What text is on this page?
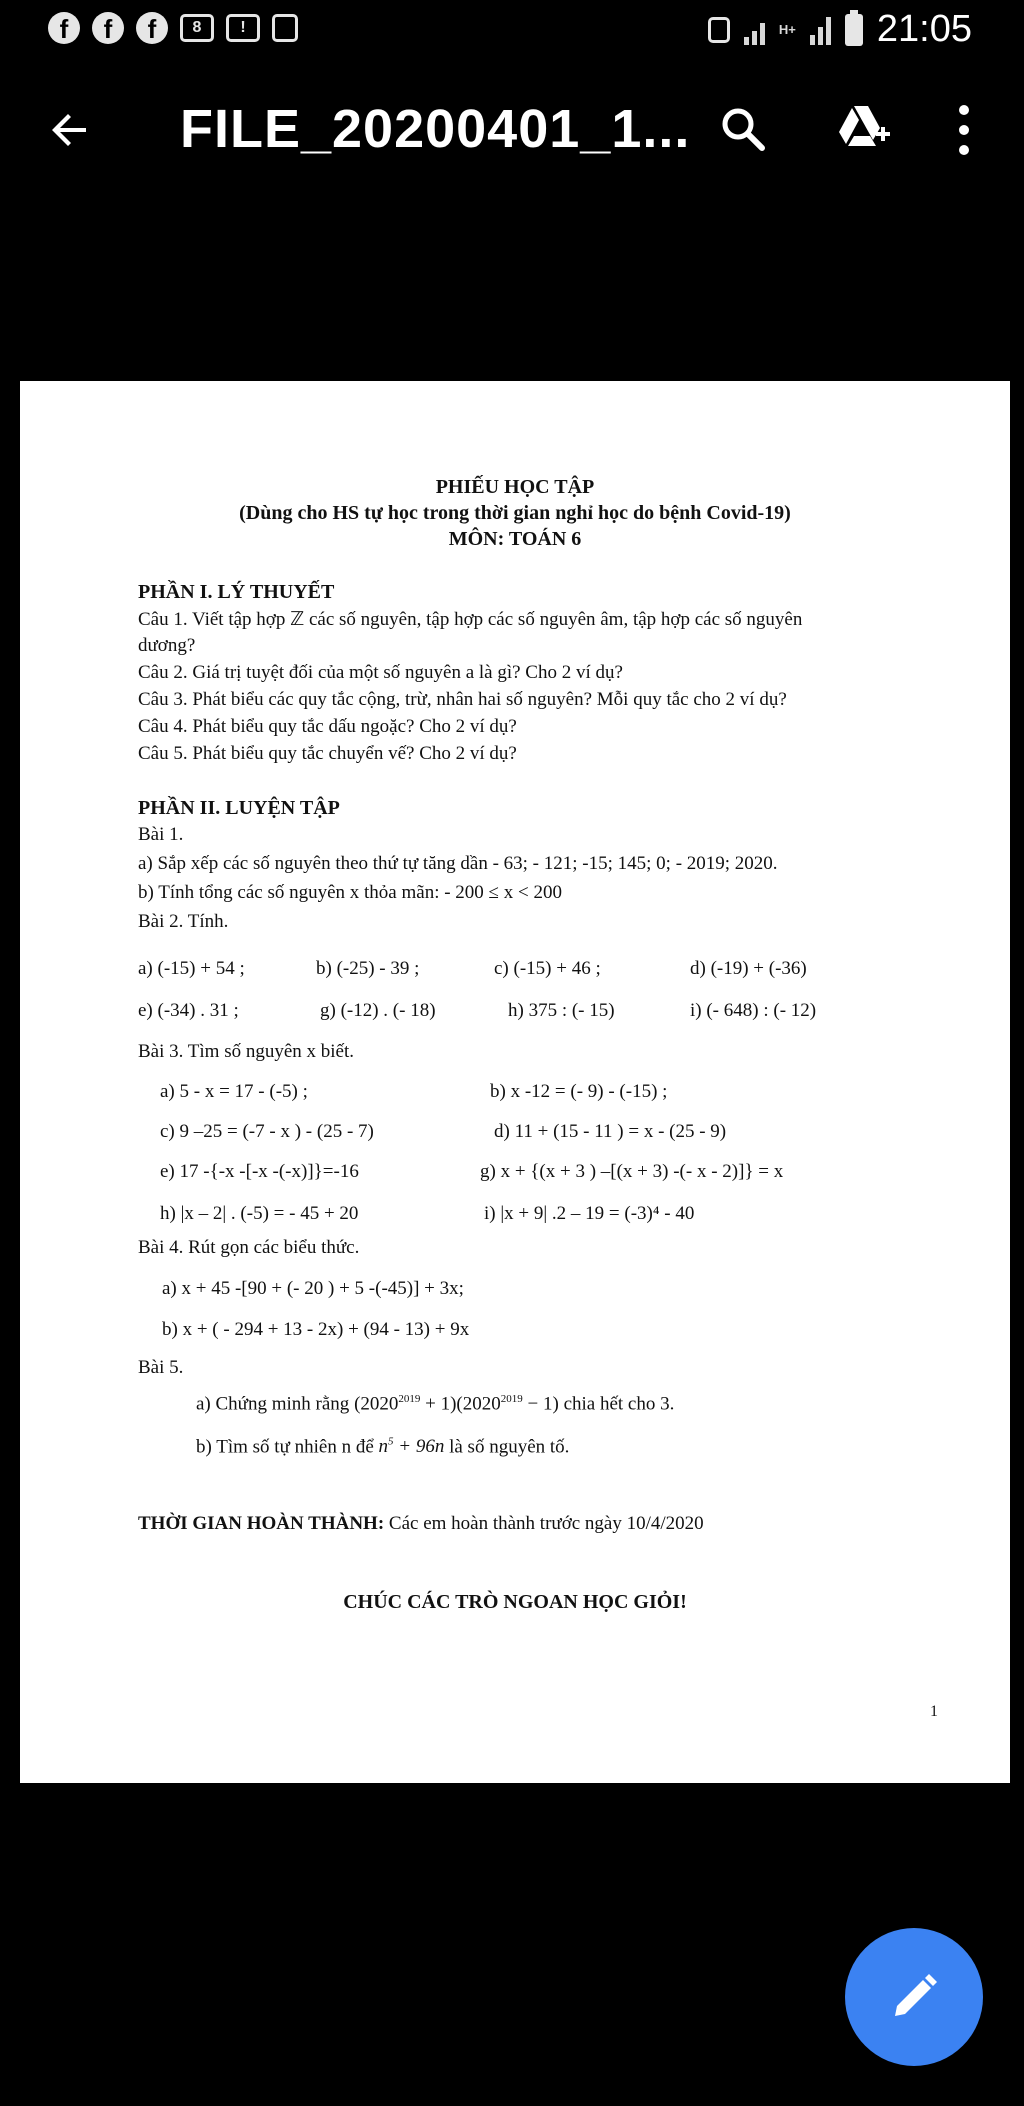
f	f	f	8	!	H+ 21:05
FILE_20200401_1...
PHIẾU HỌC TẬP
(Dùng cho HS tự học trong thời gian nghỉ học do bệnh Covid-19)
MÔN: TOÁN 6
PHẦN I. LÝ THUYẾT
Câu 1. Viết tập hợp ℤ các số nguyên, tập hợp các số nguyên âm, tập hợp các số nguyên
dương?
Câu 2. Giá trị tuyệt đối của một số nguyên a là gì? Cho 2 ví dụ?
Câu 3. Phát biểu các quy tắc cộng, trừ, nhân hai số nguyên? Mỗi quy tắc cho 2 ví dụ?
Câu 4. Phát biểu quy tắc dấu ngoặc? Cho 2 ví dụ?
Câu 5. Phát biểu quy tắc chuyển vế? Cho 2 ví dụ?
PHẦN II. LUYỆN TẬP
Bài 1.
a) Sắp xếp các số nguyên theo thứ tự tăng dần - 63; - 121; -15; 145; 0; - 2019; 2020.
b) Tính tổng các số nguyên x thỏa mãn: - 200 ≤ x < 200
Bài 2. Tính.
a) (-15) + 54 ;	b) (-25) - 39 ;	c) (-15) + 46 ;	d) (-19) + (-36)
e) (-34) . 31 ;	g) (-12) . (- 18)	h) 375 : (- 15)	i) (- 648) : (- 12)
Bài 3. Tìm số nguyên x biết.
a) 5 - x = 17 - (-5) ;	b) x -12 = (- 9) - (-15) ;
c) 9 –25 = (-7 - x ) - (25 - 7)	d) 11 + (15 - 11 ) = x - (25 - 9)
e) 17 -{-x -[-x -(-x)]}=-16	g) x + {(x + 3 ) –[(x + 3) -(- x - 2)]} = x
h) |x – 2| . (-5) = - 45 + 20	i) |x + 9| .2 – 19 = (-3)⁴ - 40
Bài 4. Rút gọn các biểu thức.
a) x + 45 -[90 + (- 20 ) + 5 -(-45)] + 3x;
b) x + ( - 294 + 13 - 2x) + (94 - 13) + 9x
Bài 5.
a) Chứng minh rằng $(2020^{2019} + 1)(2020^{2019} - 1)$ chia hết cho 3.
b) Tìm số tự nhiên n để $n^5 + 96n$ là số nguyên tố.
THỜI GIAN HOÀN THÀNH: Các em hoàn thành trước ngày 10/4/2020
CHÚC CÁC TRÒ NGOAN HỌC GIỎI!
1
